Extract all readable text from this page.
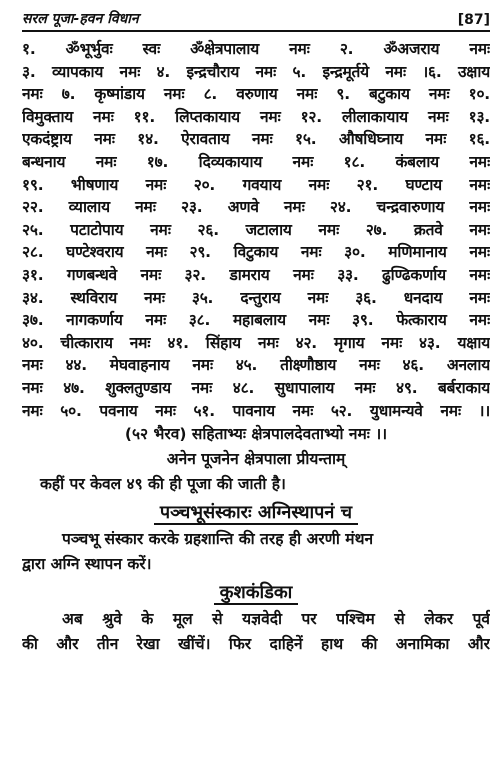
सरल पूजा-हवन विधान	[87]
१. ॐभूर्भुवः स्वः ॐक्षेत्रपालाय नमः २. ॐअजराय नमः
३. व्यापकाय नमः ४. इन्द्रचौराय नमः ५. इन्द्रमूर्तये नमः ।६. उक्षाय
नमः ७. कृष्मांडाय नमः ८. वरुणाय नमः ९. बटुकाय नमः १०.
विमुक्ताय नमः ११. लिप्तकायाय नमः १२. लीलाकायाय नमः १३.
एकदंष्ट्राय नमः १४. ऐरावताय नमः १५. औषधिघ्नाय नमः १६.
बन्धनाय नमः १७. दिव्यकायाय नमः १८. कंबलाय नमः
१९. भीषणाय नमः २०. गवयाय नमः २१. घण्टाय नमः
२२. व्यालाय नमः २३. अणवे नमः २४. चन्द्रवारुणाय नमः
२५. पटाटोपाय नमः २६. जटालाय नमः २७. क्रतवे नमः
२८. घण्टेश्वराय नमः २९. विटुकाय नमः ३०. मणिमानाय नमः
३१. गणबन्धवे नमः ३२. डामराय नमः ३३. ढुण्ढिकर्णाय नमः
३४. स्थविराय नमः ३५. दन्तुराय नमः ३६. धनदाय नमः
३७. नागकर्णाय नमः ३८. महाबलाय नमः ३९. फेत्काराय नमः
४०. चीत्काराय नमः ४१. सिंहाय नमः ४२. मृगाय नमः ४३. यक्षाय
नमः ४४. मेघवाहनाय नमः ४५. तीक्ष्णौष्ठाय नमः ४६. अनलाय
नमः ४७. शुक्लतुण्डाय नमः ४८. सुधापालाय नमः ४९. बर्बराकाय
नमः ५०. पवनाय नमः ५१. पावनाय नमः ५२. युधामन्यवे नमः ।।
(५२ भैरव) सहिताभ्यः क्षेत्रपालदेवताभ्यो नमः ।।
अनेन पूजनेन क्षेत्रपाला प्रीयन्ताम्
कहीं पर केवल ४९ की ही पूजा की जाती है।
पञ्चभूसंस्कारः अग्निस्थापनं च
पञ्चभू संस्कार करके ग्रहशान्ति की तरह ही अरणी मंथन
द्वारा अग्नि स्थापन करें।
कुशकंडिका
अब श्रुवे के मूल से यज्ञवेदी पर पश्चिम से लेकर पूर्व
की और तीन रेखा खींचें। फिर दाहिनें हाथ की अनामिका और
